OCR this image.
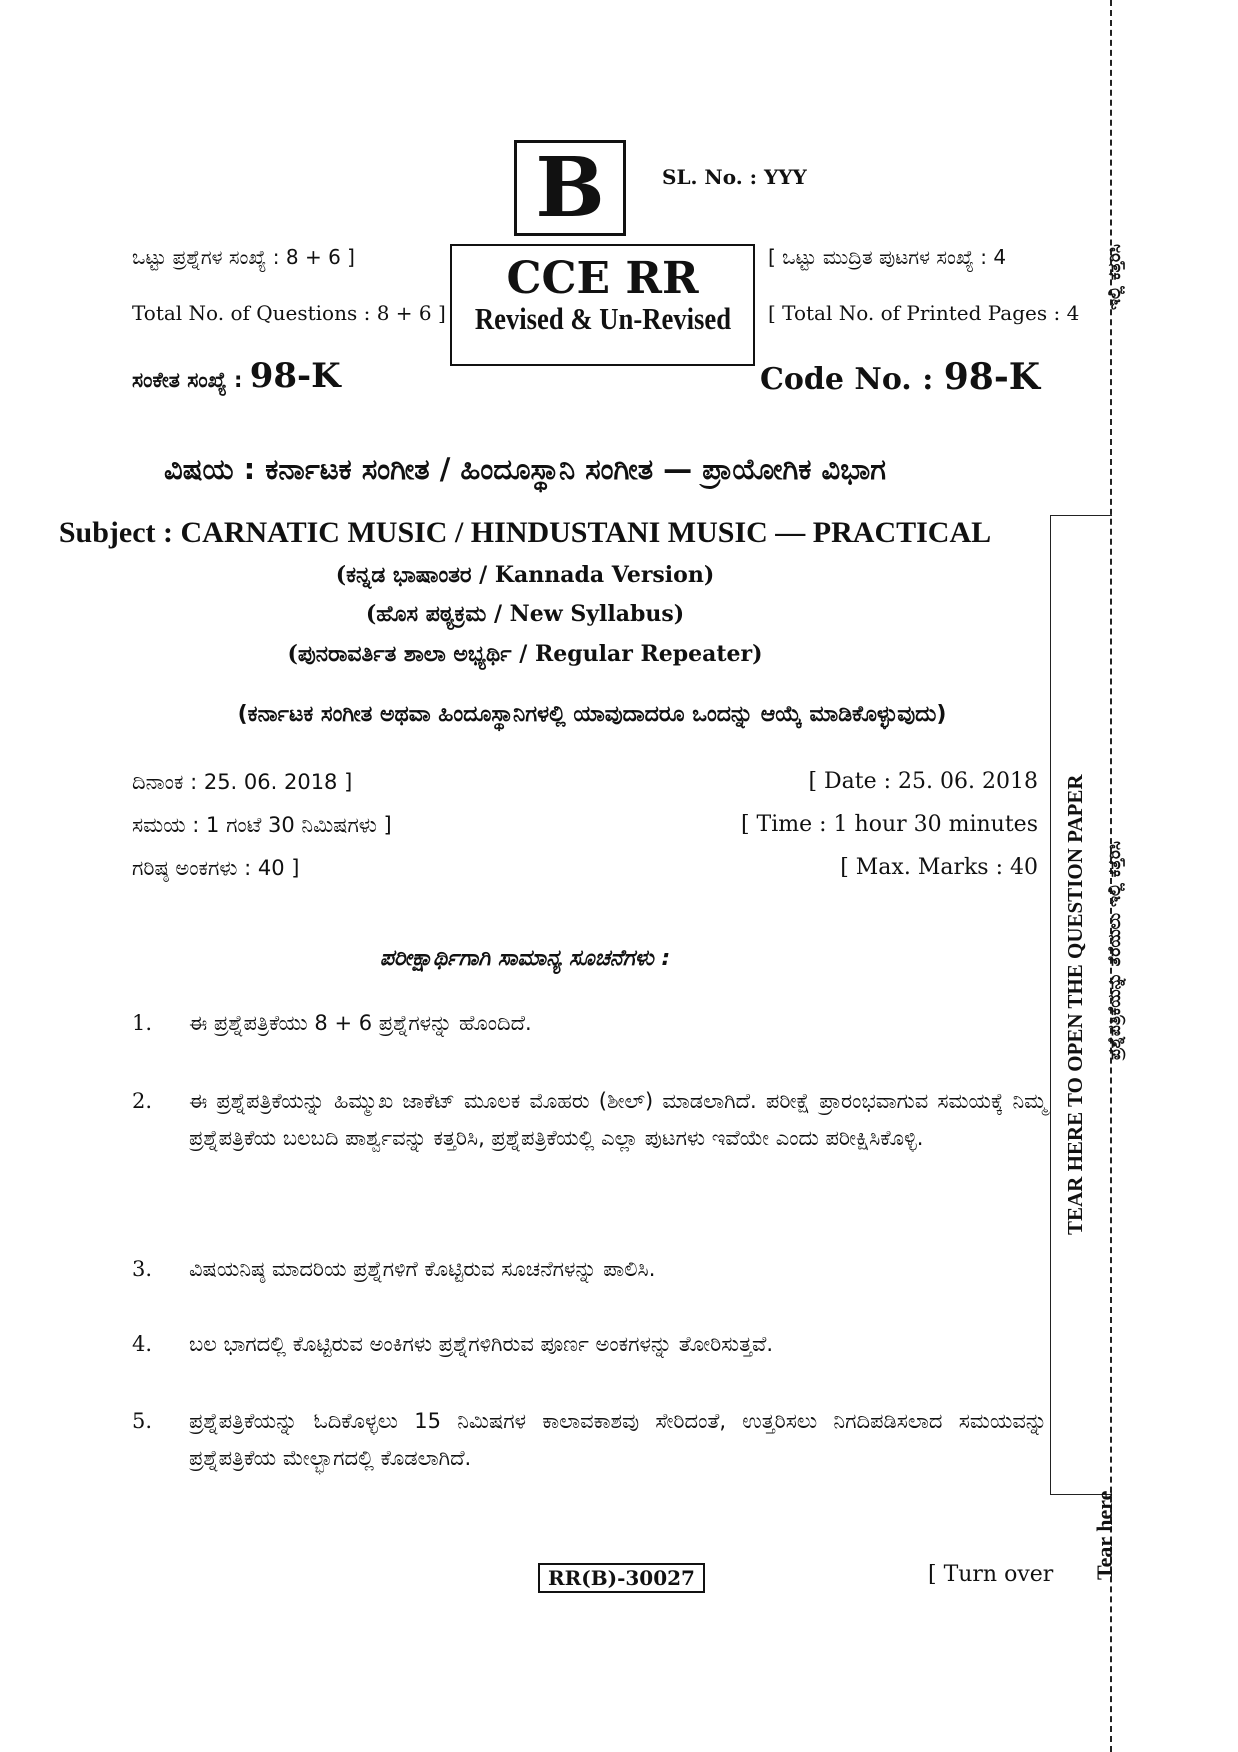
B	SL. No. : YYY
ಒಟ್ಟು ಪ್ರಶ್ನೆಗಳ ಸಂಖ್ಯೆ : 8 + 6 ]
Total No. of Questions : 8 + 6 ]
CCE RR
Revised & Un-Revised
[ ಒಟ್ಟು ಮುದ್ರಿತ ಪುಟಗಳ ಸಂಖ್ಯೆ : 4
[ Total No. of Printed Pages : 4
ಸಂಕೇತ ಸಂಖ್ಯೆ : 98-K	Code No. : 98-K
ವಿಷಯ : ಕರ್ನಾಟಕ ಸಂಗೀತ / ಹಿಂದೂಸ್ಥಾನಿ ಸಂಗೀತ — ಪ್ರಾಯೋಗಿಕ ವಿಭಾಗ
Subject : CARNATIC MUSIC / HINDUSTANI MUSIC — PRACTICAL
(ಕನ್ನಡ ಭಾಷಾಂತರ / Kannada Version)
(ಹೊಸ ಪಠ್ಯಕ್ರಮ / New Syllabus)
(ಪುನರಾವರ್ತಿತ ಶಾಲಾ ಅಭ್ಯರ್ಥಿ / Regular Repeater)
(ಕರ್ನಾಟಕ ಸಂಗೀತ ಅಥವಾ ಹಿಂದೂಸ್ಥಾನಿಗಳಲ್ಲಿ ಯಾವುದಾದರೂ ಒಂದನ್ನು ಆಯ್ಕೆ ಮಾಡಿಕೊಳ್ಳುವುದು)
ದಿನಾಂಕ : 25. 06. 2018 ]
ಸಮಯ : 1 ಗಂಟೆ 30 ನಿಮಿಷಗಳು ]
ಗರಿಷ್ಠ ಅಂಕಗಳು : 40 ]
[ Date : 25. 06. 2018
[ Time : 1 hour 30 minutes
[ Max. Marks : 40
ಪರೀಕ್ಷಾರ್ಥಿಗಾಗಿ ಸಾಮಾನ್ಯ ಸೂಚನೆಗಳು :
1. ಈ ಪ್ರಶ್ನೆಪತ್ರಿಕೆಯು 8 + 6 ಪ್ರಶ್ನೆಗಳನ್ನು ಹೊಂದಿದೆ.
2. ಈ ಪ್ರಶ್ನೆಪತ್ರಿಕೆಯನ್ನು ಹಿಮ್ಮುಖ ಜಾಕೆಟ್ ಮೂಲಕ ಮೊಹರು (ಶೀಲ್) ಮಾಡಲಾಗಿದೆ. ಪರೀಕ್ಷೆ ಪ್ರಾರಂಭವಾಗುವ ಸಮಯಕ್ಕೆ ನಿಮ್ಮ ಪ್ರಶ್ನೆಪತ್ರಿಕೆಯ ಬಲಬದಿ ಪಾರ್ಶ್ವವನ್ನು ಕತ್ತರಿಸಿ, ಪ್ರಶ್ನೆಪತ್ರಿಕೆಯಲ್ಲಿ ಎಲ್ಲಾ ಪುಟಗಳು ಇವೆಯೇ ಎಂದು ಪರೀಕ್ಷಿಸಿಕೊಳ್ಳಿ.
3. ವಿಷಯನಿಷ್ಠ ಮಾದರಿಯ ಪ್ರಶ್ನೆಗಳಿಗೆ ಕೊಟ್ಟಿರುವ ಸೂಚನೆಗಳನ್ನು ಪಾಲಿಸಿ.
4. ಬಲ ಭಾಗದಲ್ಲಿ ಕೊಟ್ಟಿರುವ ಅಂಕಿಗಳು ಪ್ರಶ್ನೆಗಳಿಗಿರುವ ಪೂರ್ಣ ಅಂಕಗಳನ್ನು ತೋರಿಸುತ್ತವೆ.
5. ಪ್ರಶ್ನೆಪತ್ರಿಕೆಯನ್ನು ಓದಿಕೊಳ್ಳಲು 15 ನಿಮಿಷಗಳ ಕಾಲಾವಕಾಶವು ಸೇರಿದಂತೆ, ಉತ್ತರಿಸಲು ನಿಗದಿಪಡಿಸಲಾದ ಸಮಯವನ್ನು ಪ್ರಶ್ನೆಪತ್ರಿಕೆಯ ಮೇಲ್ಭಾಗದಲ್ಲಿ ಕೊಡಲಾಗಿದೆ.
RR(B)-30027	[ Turn over
TEAR HERE TO OPEN THE QUESTION PAPER ಪ್ರಶ್ನೆಪತ್ರಿಕೆಯನ್ನು ತೆರೆಯಲು ಇಲ್ಲಿ ಕತ್ತರಿಸಿ
ಇಲ್ಲಿ ಕತ್ತರಿಸಿ
Tear here
